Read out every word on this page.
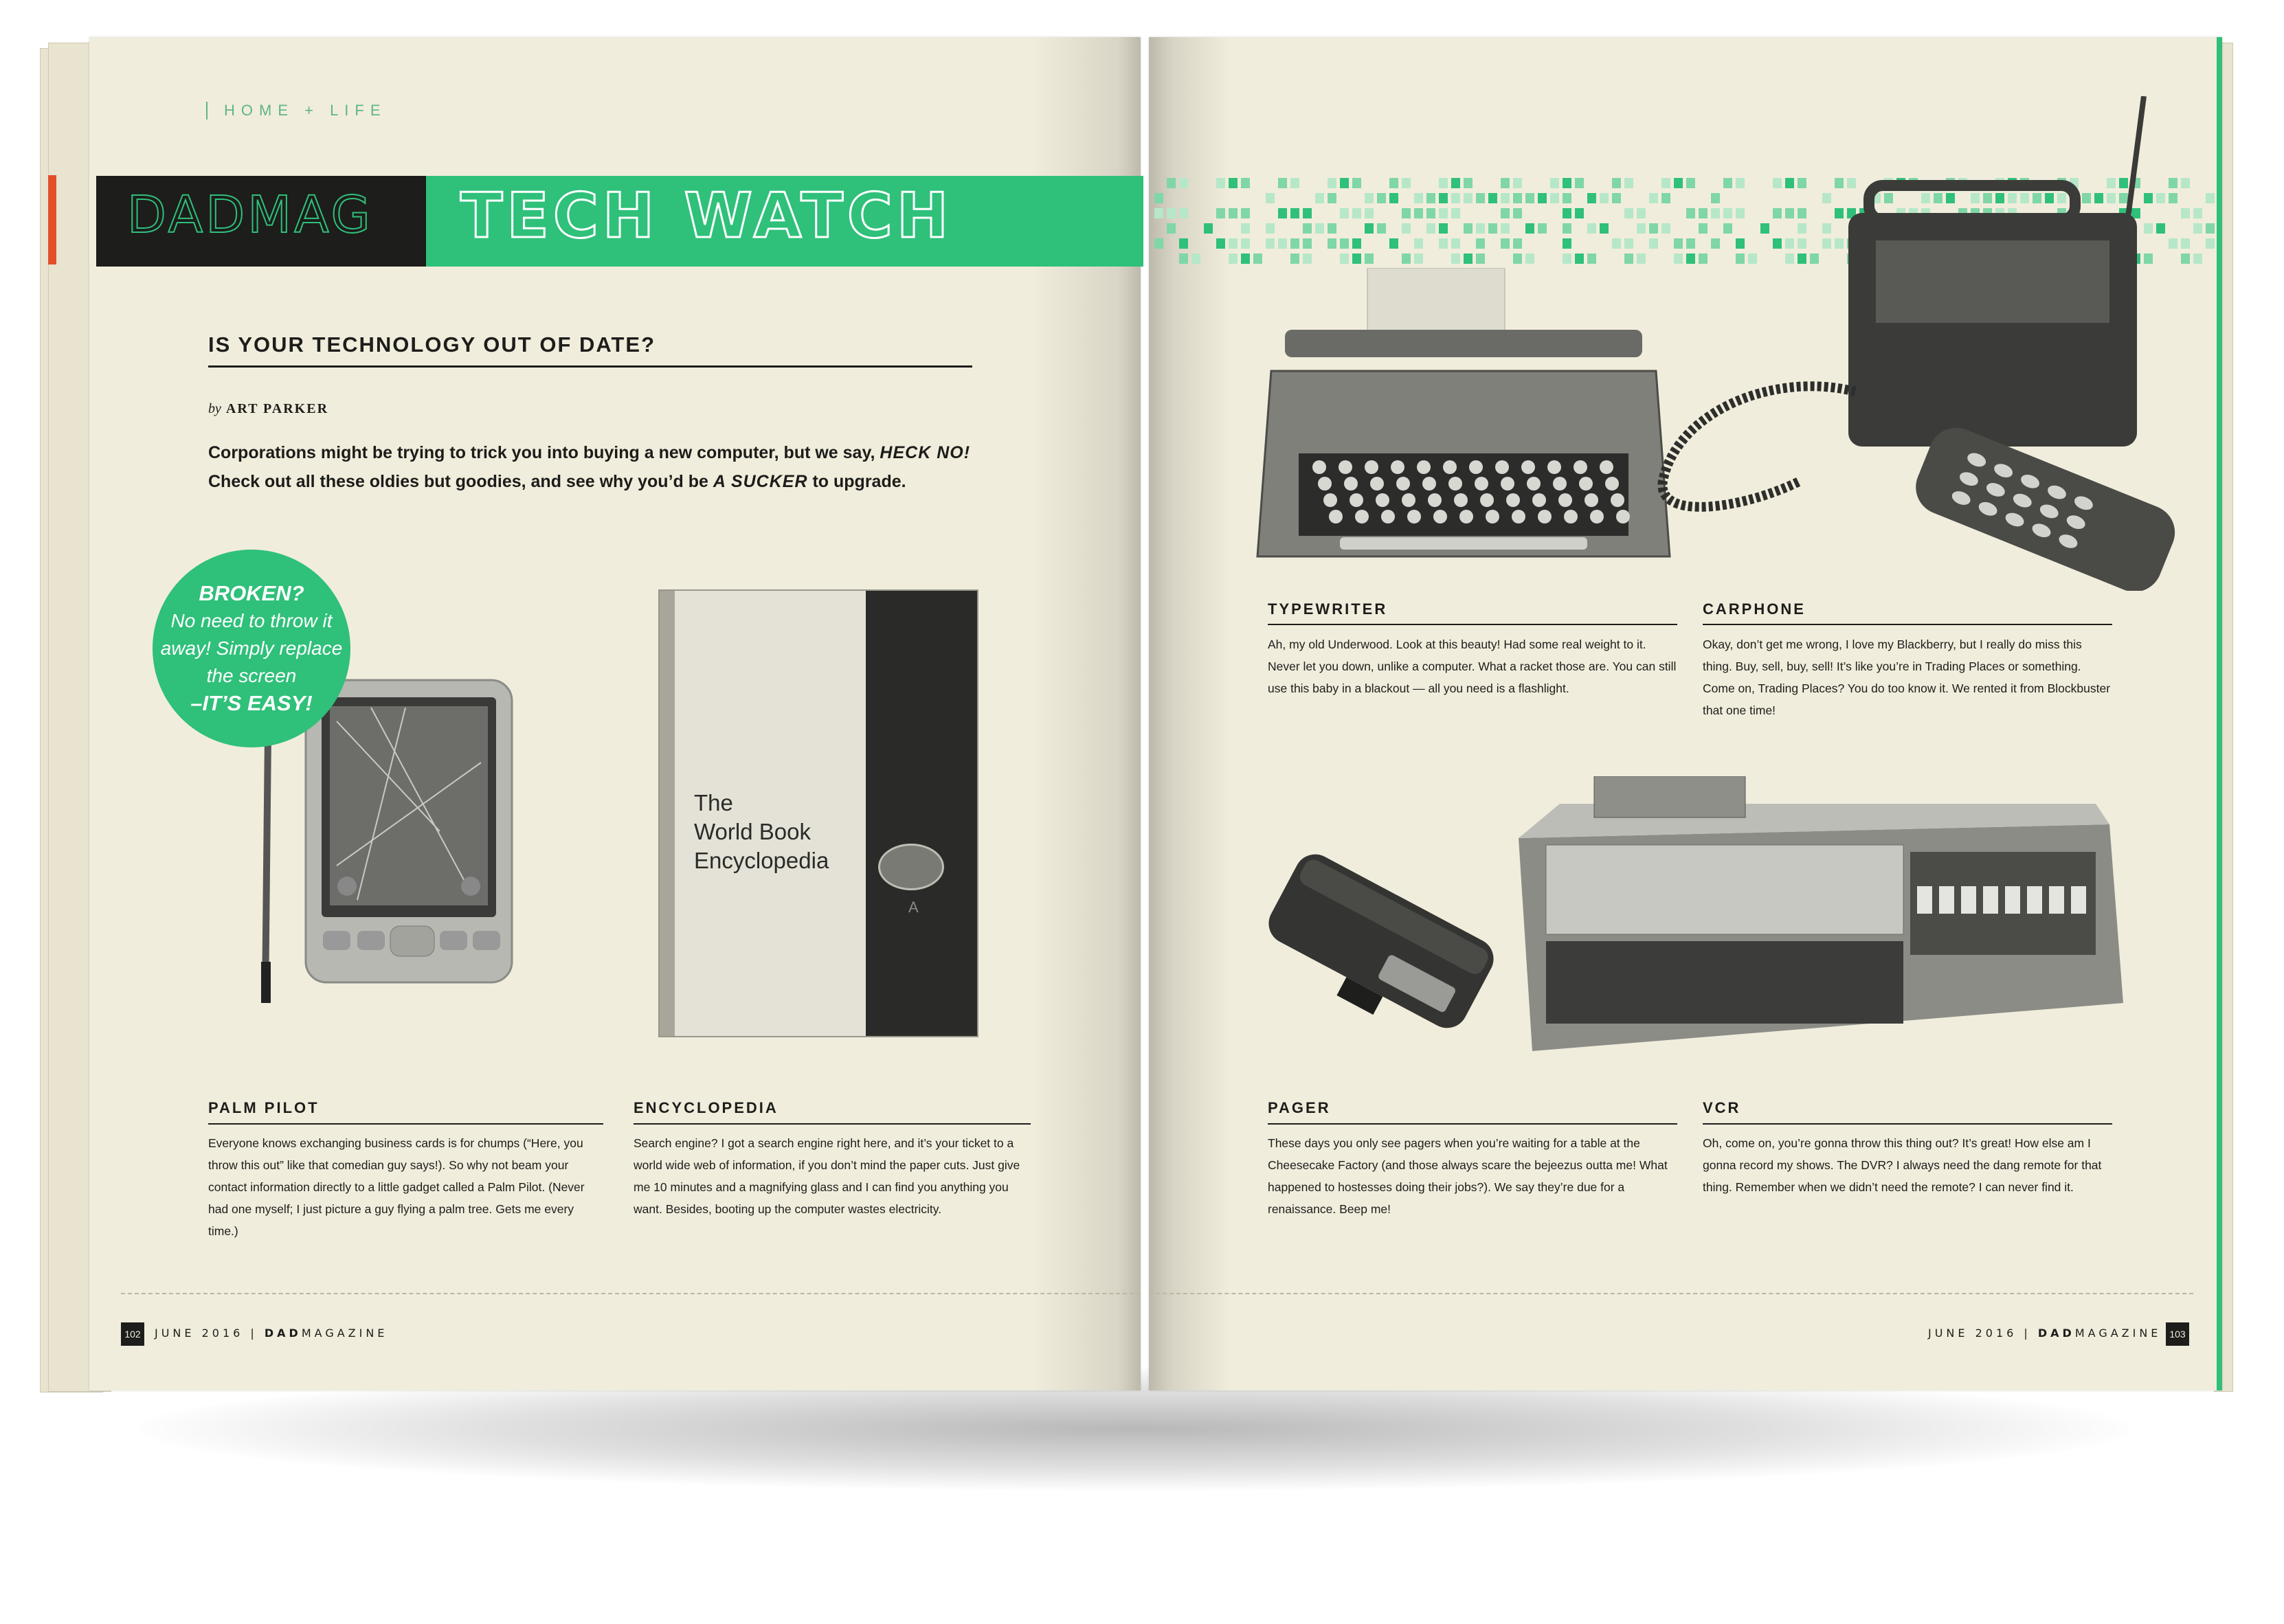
HOME + LIFE
DADMAG TECH WATCH
IS YOUR TECHNOLOGY OUT OF DATE?
by ART PARKER
Corporations might be trying to trick you into buying a new computer, but we say, HECK NO!
Check out all these oldies but goodies, and see why you’d be A SUCKER to upgrade.
BROKEN?
No need to throw it away! Simply replace the screen
–IT’S EASY!
The
World Book
Encyclopedia
A
PALM PILOT
Everyone knows exchanging business cards is for chumps (“Here, you throw this out” like that comedian guy says!). So why not beam your contact information directly to a little gadget called a Palm Pilot. (Never had one myself; I just picture a guy flying a palm tree. Gets me every time.)
ENCYCLOPEDIA
Search engine? I got a search engine right here, and it’s your ticket to a world wide web of information, if you don’t mind the paper cuts. Just give me 10 minutes and a magnifying glass and I can find you anything you want. Besides, booting up the computer wastes electricity.
TYPEWRITER
Ah, my old Underwood. Look at this beauty! Had some real weight to it. Never let you down, unlike a computer. What a racket those are. You can still use this baby in a blackout — all you need is a flashlight.
CARPHONE
Okay, don’t get me wrong, I love my Blackberry, but I really do miss this thing. Buy, sell, buy, sell! It’s like you’re in Trading Places or something. Come on, Trading Places? You do too know it. We rented it from Blockbuster that one time!
PAGER
These days you only see pagers when you’re waiting for a table at the Cheesecake Factory (and those always scare the bejeezus outta me! What happened to hostesses doing their jobs?). We say they’re due for a renaissance. Beep me!
VCR
Oh, come on, you’re gonna throw this thing out? It’s great! How else am I gonna record my shows. The DVR? I always need the dang remote for that thing. Remember when we didn’t need the remote? I can never find it.
102	JUNE 2016 | DADMAGAZINE	JUNE 2016 | DADMAGAZINE 103
